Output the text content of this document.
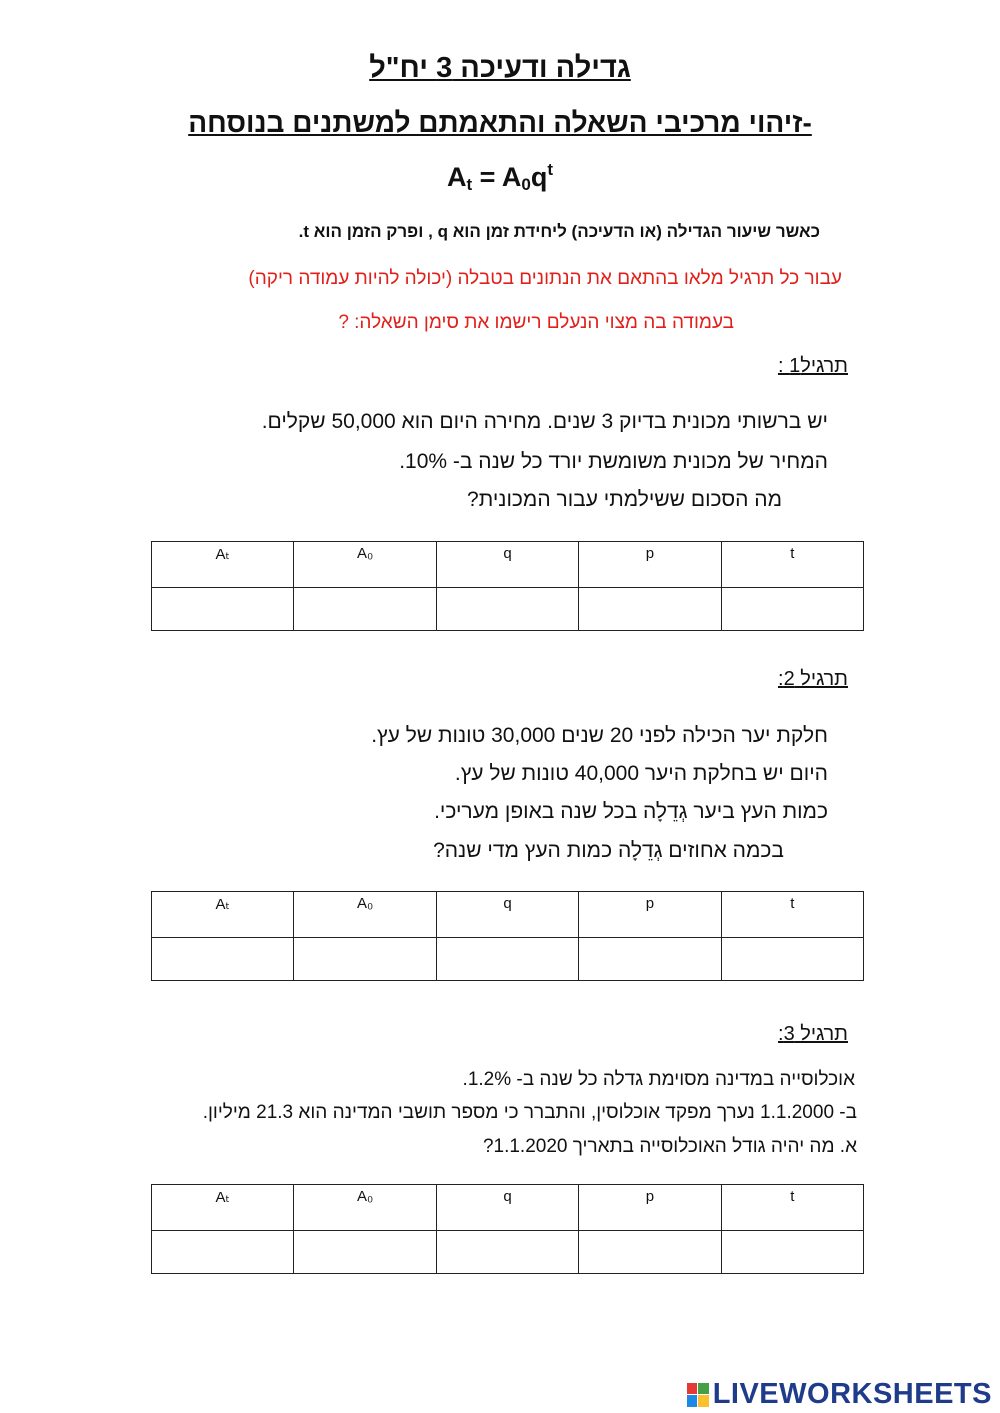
גדילה ודעיכה 3 יח"ל
-זיהוי מרכיבי השאלה והתאמתם למשתנים בנוסחה
$A_t = A_0q^t$
כאשר שיעור הגדילה (או הדעיכה) ליחידת זמן הוא q , ופרק הזמן הוא t.
עבור כל תרגיל מלאו בהתאם את הנתונים בטבלה (יכולה להיות עמודה ריקה)
בעמודה בה מצוי הנעלם רישמו את סימן השאלה: ?
תרגיל1 :
יש ברשותי מכונית בדיוק 3 שנים. מחירה היום הוא 50,000 שקלים.
המחיר של מכונית משומשת יורד כל שנה ב- 10%.
מה הסכום ששילמתי עבור המכונית?
t	p	q	A₀	Aₜ

תרגיל 2:
חלקת יער הכילה לפני 20 שנים 30,000 טונות של עץ.
היום יש בחלקת היער 40,000 טונות של עץ.
כמות העץ ביער גְדֵלָה בכל שנה באופן מעריכי.
בכמה אחוזים גְדֵלָה כמות העץ מדי שנה?
t	p	q	A₀	Aₜ

תרגיל 3:
אוכלוסייה במדינה מסוימת גדלה כל שנה ב- 1.2%.
ב- 1.1.2000 נערך מפקד אוכלוסין, והתברר כי מספר תושבי המדינה הוא 21.3 מיליון.
א. מה יהיה גודל האוכלוסייה בתאריך 1.1.2020?
t	p	q	A₀	Aₜ

LIVEWORKSHEETS
